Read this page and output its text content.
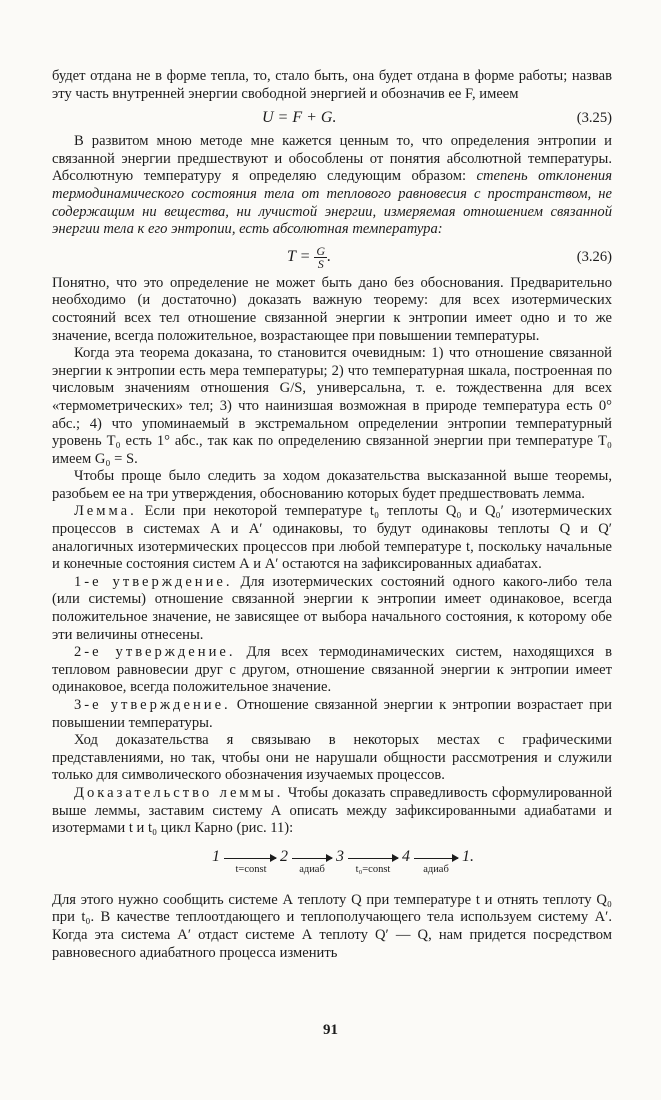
будет отдана не в форме тепла, то, стало быть, она будет отдана в форме работы; назвав эту часть внутренней энергии свободной энергией и обозначив ее F, имеем

U = F + G.	(3.25)

В развитом мною методе мне кажется ценным то, что определения энтропии и связанной энергии предшествуют и обособлены от понятия абсолютной температуры. Абсолютную температуру я определяю следующим образом: степень отклонения термодинамического состояния тела от теплового равновесия с пространством, не содержащим ни вещества, ни лучистой энергии, измеряемая отношением связанной энергии тела к его энтропии, есть абсолютная температура:

$T = \frac{G}{S}$ .	(3.26)

Понятно, что это определение не может быть дано без обоснования. Предварительно необходимо (и достаточно) доказать важную теорему: для всех изотермических состояний всех тел отношение связанной энергии к энтропии имеет одно и то же значение, всегда положительное, возрастающее при повышении температуры.

Когда эта теорема доказана, то становится очевидным: 1) что отношение связанной энергии к энтропии есть мера температуры; 2) что температурная шкала, построенная по числовым значениям отношения G/S, универсальна, т. е. тождественна для всех «термометрических» тел; 3) что наинизшая возможная в природе температура есть 0° абс.; 4) что упоминаемый в экстремальном определении энтропии температурный уровень T₀ есть 1° абс., так как по определению связанной энергии при температуре T₀ имеем G₀ = S.

Чтобы проще было следить за ходом доказательства высказанной выше теоремы, разобьем ее на три утверждения, обоснованию которых будет предшествовать лемма.

Лемма. Если при некоторой температуре t₀ теплоты Q₀ и Q₀′ изотермических процессов в системах А и А′ одинаковы, то будут одинаковы теплоты Q и Q′ аналогичных изотермических процессов при любой температуре t, поскольку начальные и конечные состояния систем А и А′ остаются на зафиксированных адиабатах.

1-е утверждение. Для изотермических состояний одного какого-либо тела (или системы) отношение связанной энергии к энтропии имеет одинаковое, всегда положительное значение, не зависящее от выбора начального состояния, к которому обе эти величины отнесены.

2-е утверждение. Для всех термодинамических систем, находящихся в тепловом равновесии друг с другом, отношение связанной энергии к энтропии имеет одинаковое, всегда положительное значение.

3-е утверждение. Отношение связанной энергии к энтропии возрастает при повышении температуры.

Ход доказательства я связываю в некоторых местах с графическими представлениями, но так, чтобы они не нарушали общности рассмотрения и служили только для символического обозначения изучаемых процессов.

Доказательство леммы. Чтобы доказать справедливость сформулированной выше леммы, заставим систему А описать между зафиксированными адиабатами и изотермами t и t₀ цикл Карно (рис. 11):

1
t=const
2
адиаб
3
t₀=const
4
адиаб
1.

Для этого нужно сообщить системе А теплоту Q при температуре t и отнять теплоту Q₀ при t₀. В качестве теплоотдающего и теплополучающего тела используем систему А′. Когда эта система А′ отдаст системе А теплоту Q′ — Q, нам придется посредством равновесного адиабатного процесса изменить

91
